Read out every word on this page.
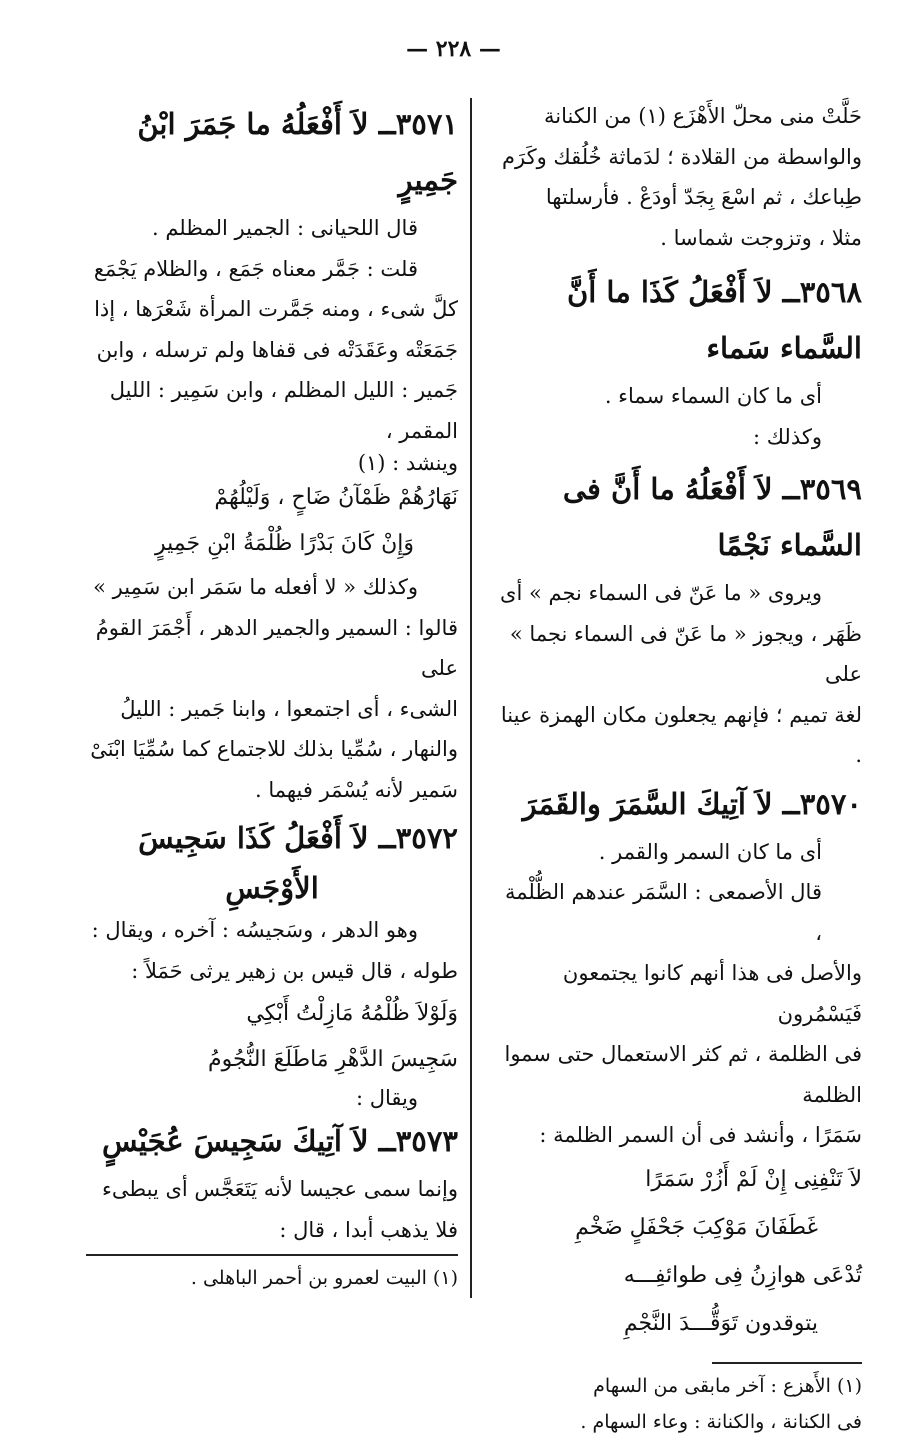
— ٢٢٨ —

حَلَّتْ منى محلّ الأَهْزَع (١) من الكنانة

والواسطة من القلادة ؛ لدَماثة خُلُقك وكَرَم

طِباعك ، ثم اسْعَ بِجَدّ أودَعْ . فأرسلتها

مثلا ، وتزوجت شماسا .

٣٥٦٨ــ لاَ أَفْعَلُ كَذَا ما أَنَّ السَّماء سَماء

أى ما كان السماء سماء .

وكذلك :

٣٥٦٩ــ لاَ أَفْعَلُهُ ما أَنَّ فى السَّماء نَجْمًا

ويروى « ما عَنّ فى السماء نجم » أى

ظَهَر ، ويجوز « ما عَنّ فى السماء نجما » على

لغة تميم ؛ فإنهم يجعلون مكان الهمزة عينا .

٣٥٧٠ــ لاَ آتِيكَ السَّمَرَ والقَمَرَ

أى ما كان السمر والقمر .

قال الأصمعى : السَّمَر عندهم الظُّلْمة ،

والأصل فى هذا أنهم كانوا يجتمعون فَيَسْمُرون

فى الظلمة ، ثم كثر الاستعمال حتى سموا الظلمة

سَمَرًا ، وأنشد فى أن السمر الظلمة :

لاَ تَنْفِنِى إِنْ لَمْ أَزُرْ سَمَرًا

غَطَفَانَ مَوْكِبَ جَحْفَلٍ ضَخْمِ

تُدْعَى هوازِنُ فِى طوائفِـــه

يتوقدون تَوَقُّـــدَ النَّجْمِ

(١) الأَهزع : آخر مابقى من السهام

فى الكنانة ، والكنانة : وعاء السهام .

٣٥٧١ــ لاَ أَفْعَلُهُ ما جَمَرَ ابْنُ جَمِيرٍ

قال اللحيانى : الجمير المظلم .

قلت : جَمَّر معناه جَمَع ، والظلام يَجْمَع

كلَّ شىء ، ومنه جَمَّرت المرأة شَعْرَها ، إذا

جَمَعَتْه وعَقَدَتْه فى قفاها ولم ترسله ، وابن

جَمير : الليل المظلم ، وابن سَمِير : الليل المقمر ،

وينشد : (١)

نَهَارُهُمْ ظَمْآنُ ضَاحٍ ، وَلَيْلُهُمْ

وَإِنْ كَانَ بَدْرًا ظُلْمَةُ ابْنِ جَمِيرٍ

وكذلك « لا أفعله ما سَمَر ابن سَمِير »

قالوا : السمير والجمير الدهر ، أَجْمَرَ القومُ على

الشىء ، أى اجتمعوا ، وابنا جَمير : الليلُ

والنهار ، سُمِّيا بذلك للاجتماع كما سُمِّيَا ابْنَىْ

سَمير لأنه يُسْمَر فيهما .

٣٥٧٢ــ لاَ أَفْعَلُ كَذَا سَجِيسَ

الأَوْجَسِ

وهو الدهر ، وسَجيسُه : آخره ، ويقال :

طوله ، قال قيس بن زهير يرثى حَمَلاً :

وَلَوْلاَ ظُلْمُهُ مَازِلْتُ أَبْكِي

سَجِيسَ الدَّهْرِ مَاطَلَعَ النُّجُومُ

ويقال :

٣٥٧٣ــ لاَ آتِيكَ سَجِيسَ عُجَيْسٍ

وإنما سمى عجيسا لأنه يَتَعَجَّس أى يبطىء

فلا يذهب أبدا ، قال :

(١) البيت لعمرو بن أحمر الباهلى .
